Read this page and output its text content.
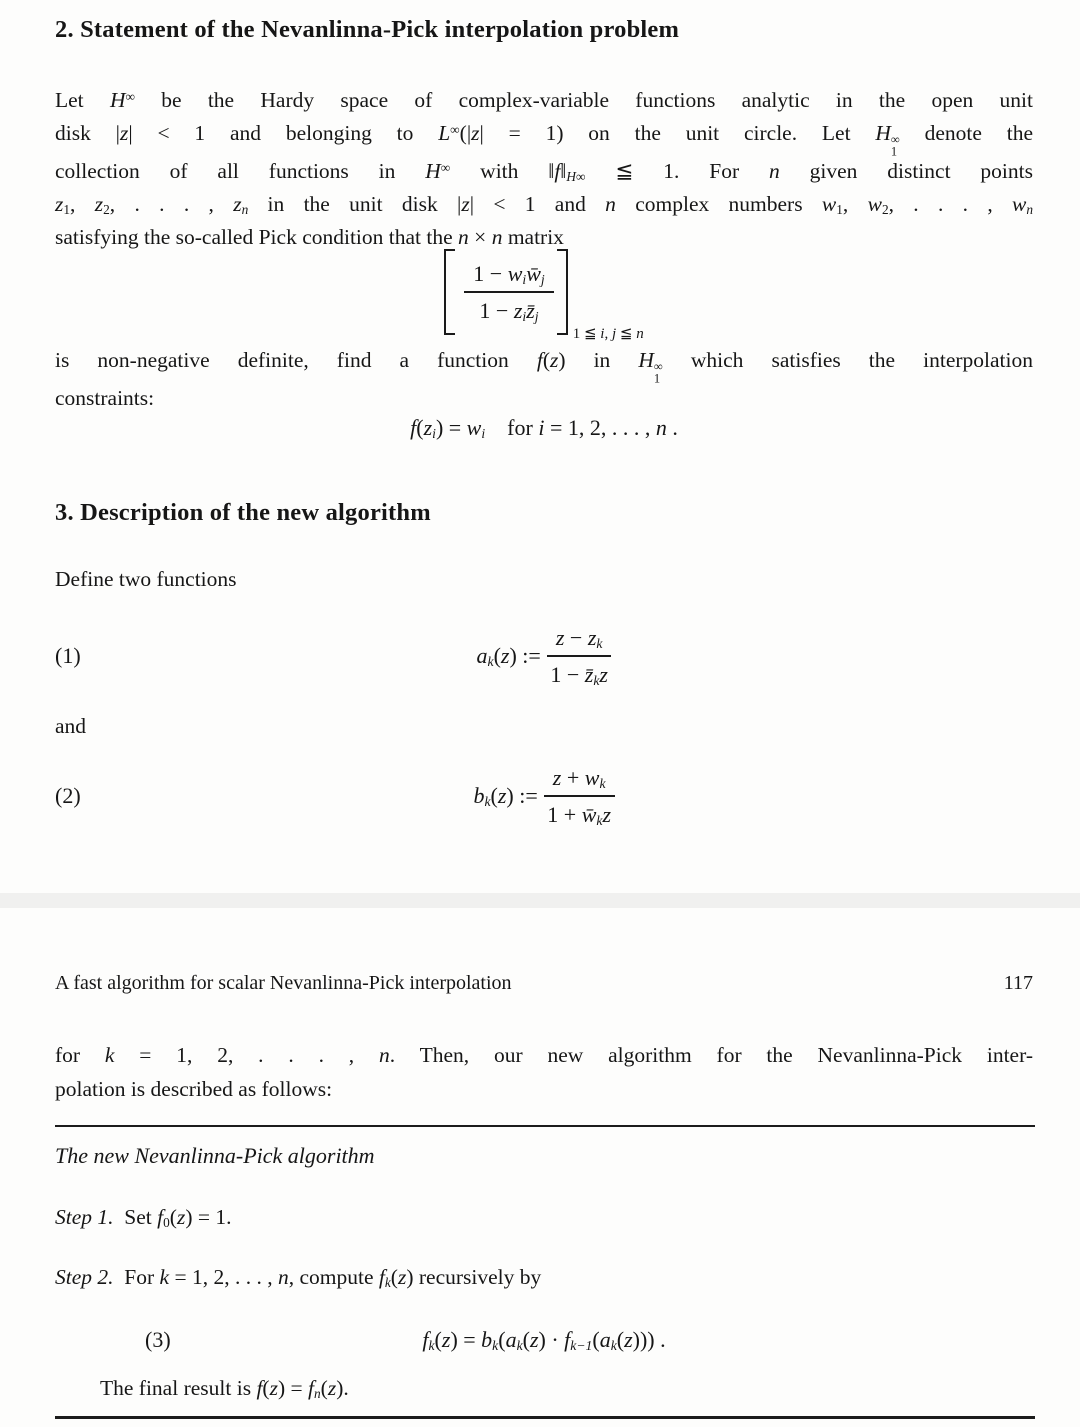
2. Statement of the Nevanlinna-Pick interpolation problem
Let H∞ be the Hardy space of complex-variable functions analytic in the open unit
disk |z| < 1 and belonging to L∞(|z| = 1) on the unit circle. Let H ∞
1
denote the
collection of all functions in H∞ with $‖f‖_{H\infty}$ ≦ 1. For n given distinct points
$z_1$, $z_2$, . . . , $z_n$ in the unit disk |z| < 1 and n complex numbers $w_1$, $w_2$, . . . , $w_n$
satisfying the so-called Pick condition that the n × n matrix
$\frac{1 - w_iw̄_j}{1 - z_iz̄_j}$
1 ≦ i, j ≦ n
is non-negative definite, find a function f(z) in H ∞
1
which satisfies the interpolation
constraints:
$f(z_i) = w_i$ for i = 1, 2, . . . , n .
3. Description of the new algorithm
Define two functions
(1)	$a_k(z)$ := $\frac{z - z_k}{1 - z̄_kz}$
and
(2)	$b_k(z)$ := $\frac{z + w_k}{1 + w̄_kz}$
A fast algorithm for scalar Nevanlinna-Pick interpolation	117
for k = 1, 2, . . . , n. Then, our new algorithm for the Nevanlinna-Pick inter-
polation is described as follows:
The new Nevanlinna-Pick algorithm
Step 1. Set $f_0(z) = 1$.
Step 2. For k = 1, 2, . . . , n, compute $f_k(z)$ recursively by
(3)	$f_k(z) = b_k(a_k(z) \cdot f_{k-1}(a_k(z)))$ .
The final result is $f(z) = f_n(z)$.
